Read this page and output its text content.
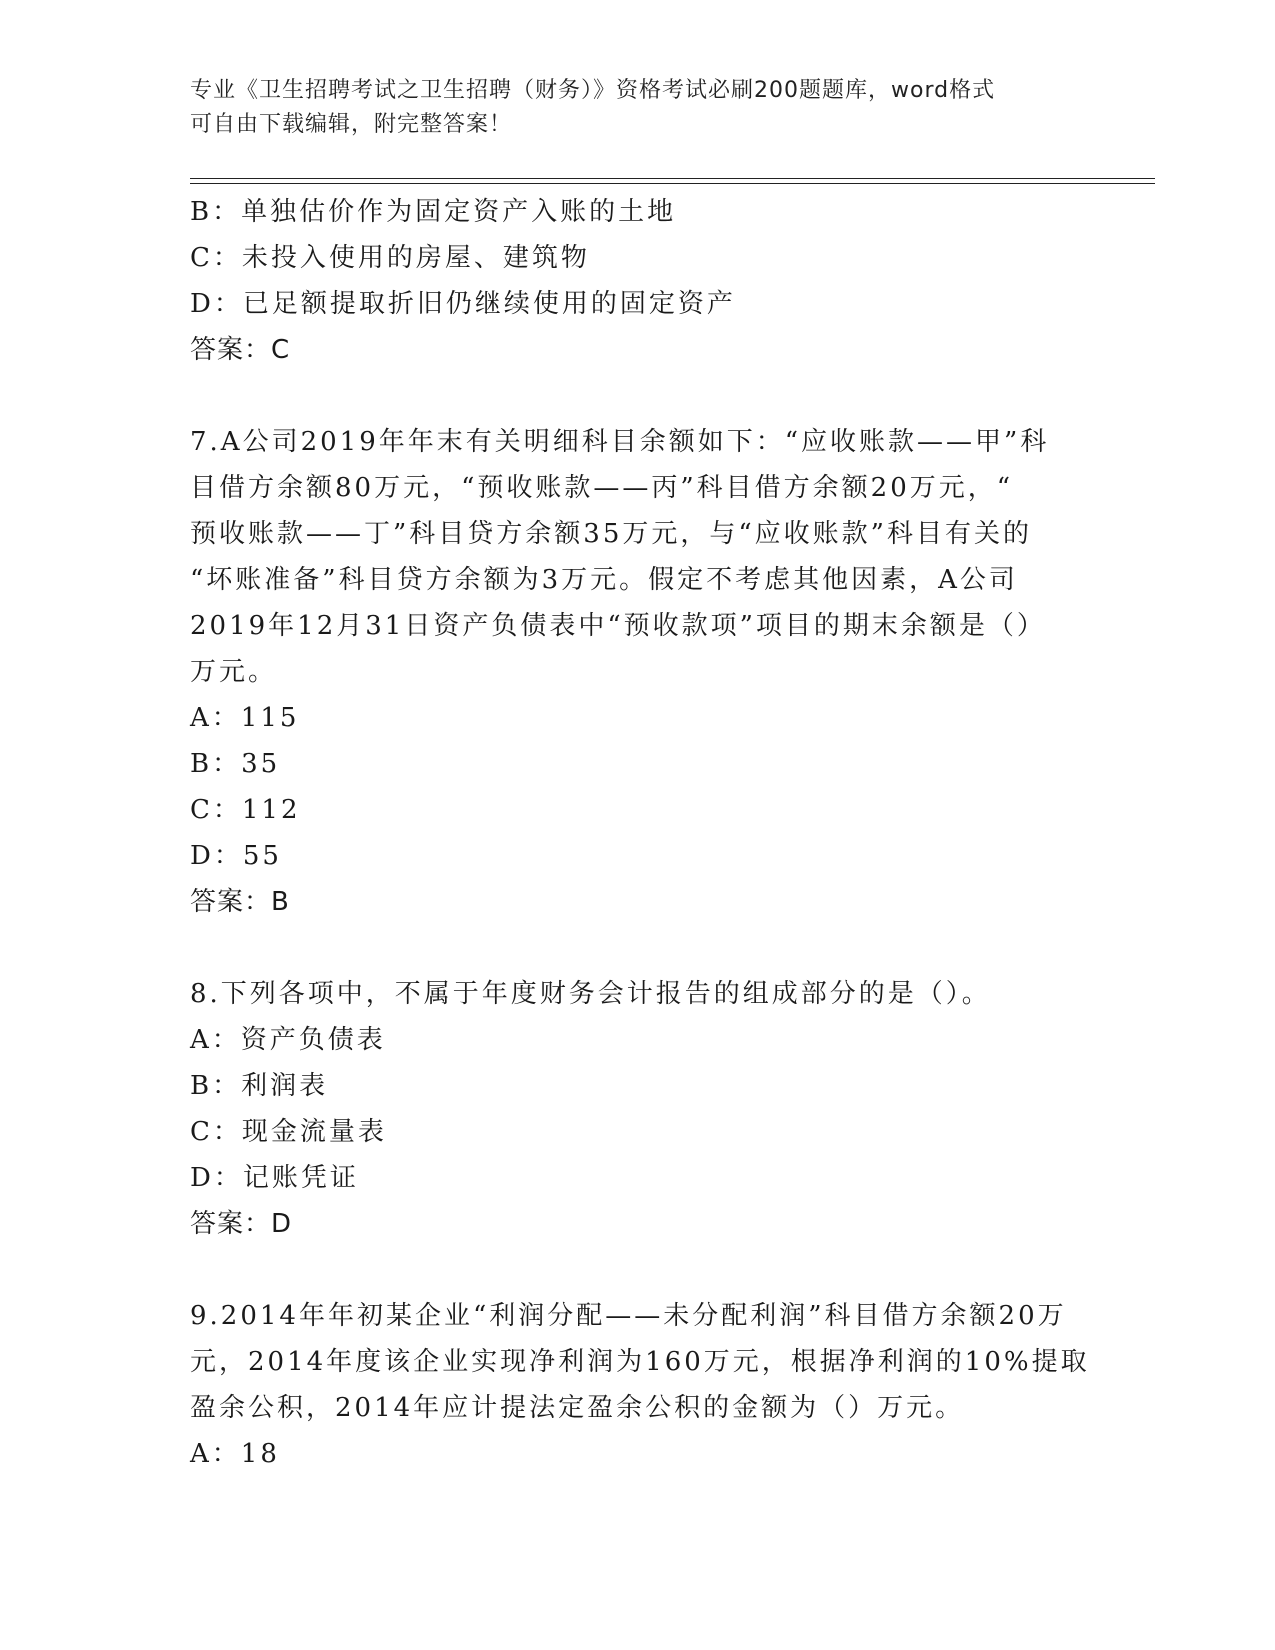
专业《卫生招聘考试之卫生招聘（财务）》资格考试必刷200题题库，word格式
可自由下载编辑，附完整答案！
B：单独估价作为固定资产入账的土地
C：未投入使用的房屋、建筑物
D：已足额提取折旧仍继续使用的固定资产
答案：C
7.A公司2019年年末有关明细科目余额如下：“应收账款——甲”科
目借方余额80万元，“预收账款——丙”科目借方余额20万元，“
预收账款——丁”科目贷方余额35万元，与“应收账款”科目有关的
“坏账准备”科目贷方余额为3万元。假定不考虑其他因素，A公司
2019年12月31日资产负债表中“预收款项”项目的期末余额是（）
万元。
A：115
B：35
C：112
D：55
答案：B
8.下列各项中，不属于年度财务会计报告的组成部分的是（）。
A：资产负债表
B：利润表
C：现金流量表
D：记账凭证
答案：D
9.2014年年初某企业“利润分配——未分配利润”科目借方余额20万
元，2014年度该企业实现净利润为160万元，根据净利润的10%提取
盈余公积，2014年应计提法定盈余公积的金额为（）万元。
A：18
